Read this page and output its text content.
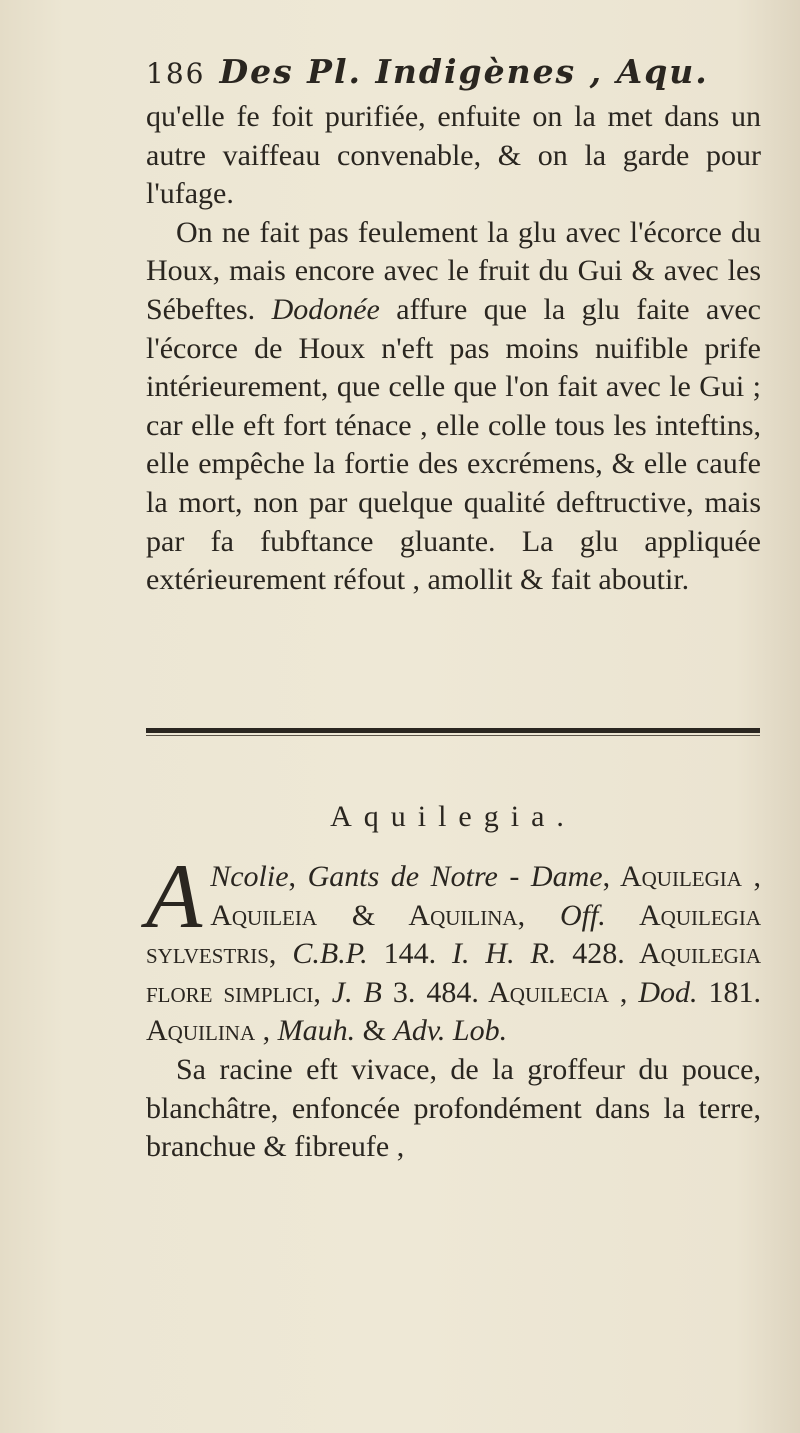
186 Des Pl. Indigènes , Aqu.

qu'elle fe foit purifiée, enfuite on la met dans un autre vaiffeau convenable, & on la garde pour l'ufage.

On ne fait pas feulement la glu avec l'écorce du Houx, mais encore avec le fruit du Gui & avec les Sébeftes. Dodonée affure que la glu faite avec l'écorce de Houx n'eft pas moins nuifible prife intérieurement, que celle que l'on fait avec le Gui ; car elle eft fort ténace , elle colle tous les inteftins, elle empêche la fortie des excrémens, & elle caufe la mort, non par quelque qualité deftructive, mais par fa fubftance gluante. La glu appliquée extérieurement réfout , amollit & fait aboutir.

Aquilegia.

A Ncolie, Gants de Notre - Dame, Aquilegia , Aquileia & Aquilina, Off. Aquilegia sylvestris, C.B.P. 144. I. H. R. 428. Aquilegia flore simplici, J. B 3. 484. Aquilecia , Dod. 181. Aquilina , Mauh. & Adv. Lob.

Sa racine eft vivace, de la groffeur du pouce, blanchâtre, enfoncée profondément dans la terre, branchue & fibreufe ,
